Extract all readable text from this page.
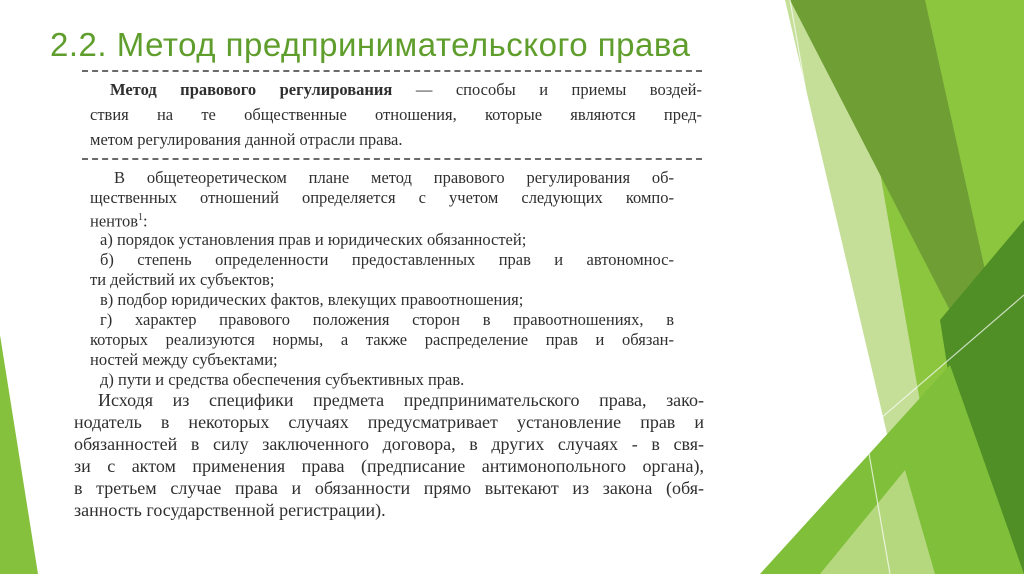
2.2. Метод предпринимательского права
Метод правового регулирования — способы и приемы воздей-
ствия на те общественные отношения, которые являются пред-
метом регулирования данной отрасли права.
В общетеоретическом плане метод правового регулирования об-
щественных отношений определяется с учетом следующих компо-
нентов$^1$:
а) порядок установления прав и юридических обязанностей;
б) степень определенности предоставленных прав и автономнос-
ти действий их субъектов;
в) подбор юридических фактов, влекущих правоотношения;
г) характер правового положения сторон в правоотношениях, в
которых реализуются нормы, а также распределение прав и обязан-
ностей между субъектами;
д) пути и средства обеспечения субъективных прав.
Исходя из специфики предмета предпринимательского права, зако-
нодатель в некоторых случаях предусматривает установление прав и
обязанностей в силу заключенного договора, в других случаях - в свя-
зи с актом применения права (предписание антимонопольного органа),
в третьем случае права и обязанности прямо вытекают из закона (обя-
занность государственной регистрации).
